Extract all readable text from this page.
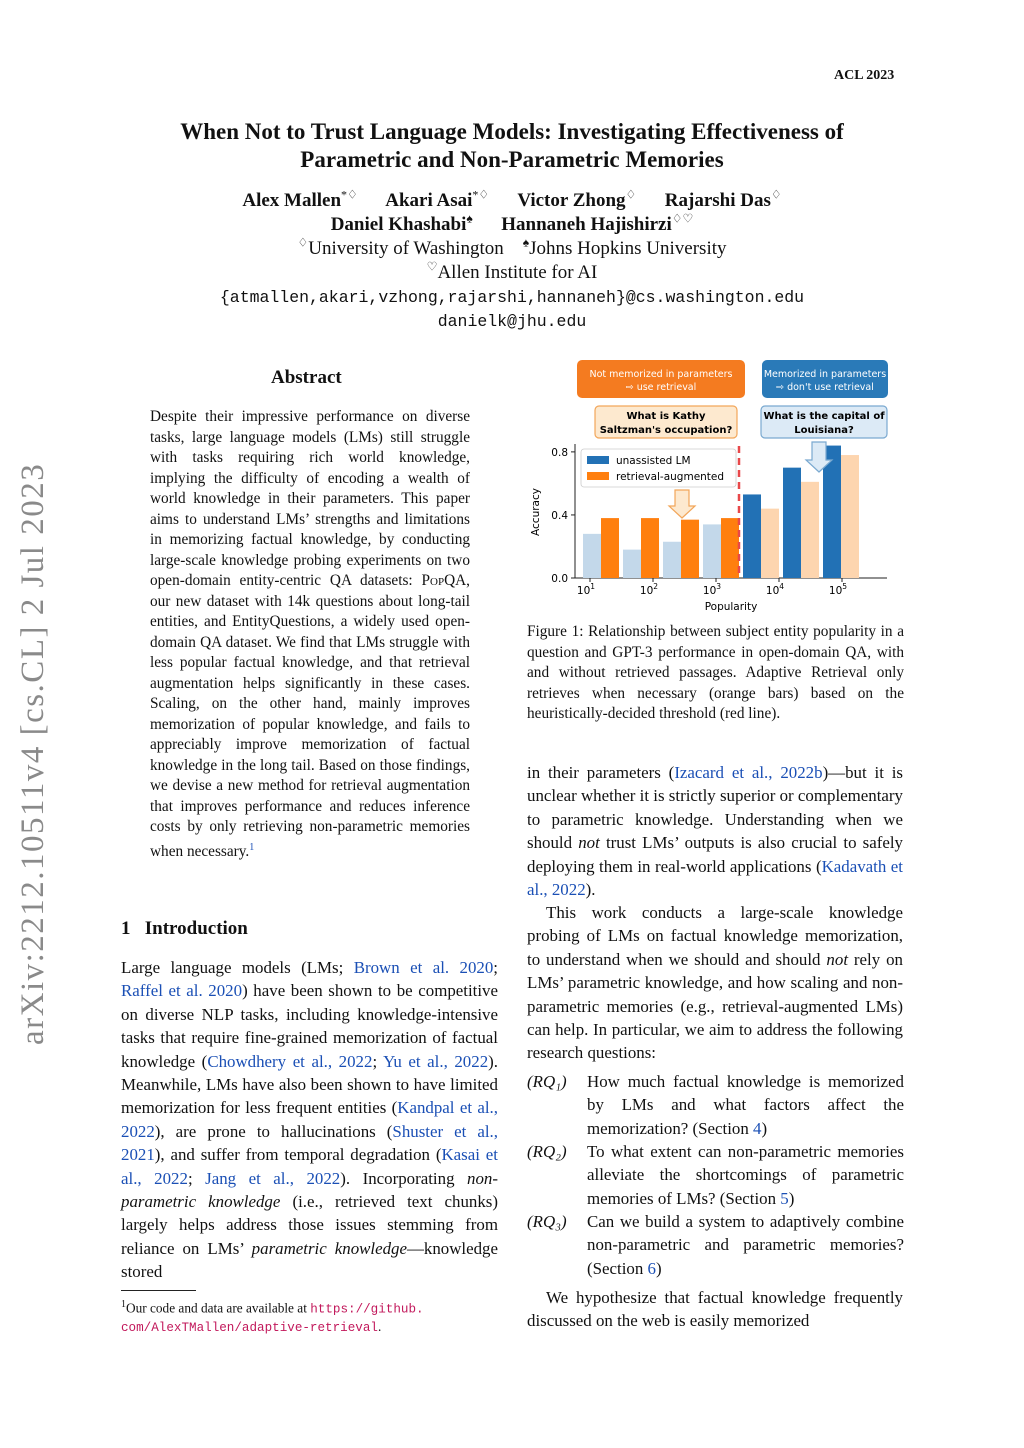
ACL 2023
arXiv:2212.10511v4 [cs.CL] 2 Jul 2023
When Not to Trust Language Models: Investigating Effectiveness of
Parametric and Non-Parametric Memories
Alex Mallen*♢ Akari Asai*♢ Victor Zhong♢ Rajarshi Das♢
Daniel Khashabi♠ Hannaneh Hajishirzi♢♡
♢University of Washington ♠Johns Hopkins University
♡Allen Institute for AI
{atmallen,akari,vzhong,rajarshi,hannaneh}@cs.washington.edu
danielk@jhu.edu
Abstract
Despite their impressive performance on diverse tasks, large language models (LMs) still struggle with tasks requiring rich world knowledge, implying the difficulty of encoding a wealth of world knowledge in their parameters. This paper aims to understand LMs’ strengths and limitations in memorizing factual knowledge, by conducting large-scale knowledge probing experiments on two open-domain entity-centric QA datasets: PopQA, our new dataset with 14k questions about long-tail entities, and EntityQuestions, a widely used open-domain QA dataset. We find that LMs struggle with less popular factual knowledge, and that retrieval augmentation helps significantly in these cases. Scaling, on the other hand, mainly improves memorization of popular knowledge, and fails to appreciably improve memorization of factual knowledge in the long tail. Based on those findings, we devise a new method for retrieval augmentation that improves performance and reduces inference costs by only retrieving non-parametric memories when necessary.$^1$
1 Introduction
Large language models (LMs; Brown et al. 2020; Raffel et al. 2020) have been shown to be competitive on diverse NLP tasks, including knowledge-intensive tasks that require fine-grained memorization of factual knowledge (Chowdhery et al., 2022; Yu et al., 2022). Meanwhile, LMs have also been shown to have limited memorization for less frequent entities (Kandpal et al., 2022), are prone to hallucinations (Shuster et al., 2021), and suffer from temporal degradation (Kasai et al., 2022; Jang et al., 2022). Incorporating non-parametric knowledge (i.e., retrieved text chunks) largely helps address those issues stemming from reliance on LMs’ parametric knowledge—knowledge stored
$^1$Our code and data are available at https://github.
com/AlexTMallen/adaptive-retrieval.
Not memorized in parameters
⇨ use retrieval
Memorized in parameters
⇨ don't use retrieval
What is Kathy
Saltzman's occupation?
What is the capital of
Louisiana?
0.0
0.4
0.8
$10^1$	$10^2$	$10^3$	$10^4$	$10^5$
unassisted LM
retrieval-augmented
Accuracy
Popularity
Figure 1: Relationship between subject entity popularity in a question and GPT-3 performance in open-domain QA, with and without retrieved passages. Adaptive Retrieval only retrieves when necessary (orange bars) based on the heuristically-decided threshold (red line).
in their parameters (Izacard et al., 2022b)—but it is unclear whether it is strictly superior or complementary to parametric knowledge. Understanding when we should not trust LMs’ outputs is also crucial to safely deploying them in real-world applications (Kadavath et al., 2022).
This work conducts a large-scale knowledge probing of LMs on factual knowledge memorization, to understand when we should and should not rely on LMs’ parametric knowledge, and how scaling and non-parametric memories (e.g., retrieval-augmented LMs) can help. In particular, we aim to address the following research questions:
(RQ₁) How much factual knowledge is memorized by LMs and what factors affect the memorization? (Section 4)
(RQ₂) To what extent can non-parametric memories alleviate the shortcomings of parametric memories of LMs? (Section 5)
(RQ₃) Can we build a system to adaptively combine non-parametric and parametric memories? (Section 6)
We hypothesize that factual knowledge frequently discussed on the web is easily memorized
